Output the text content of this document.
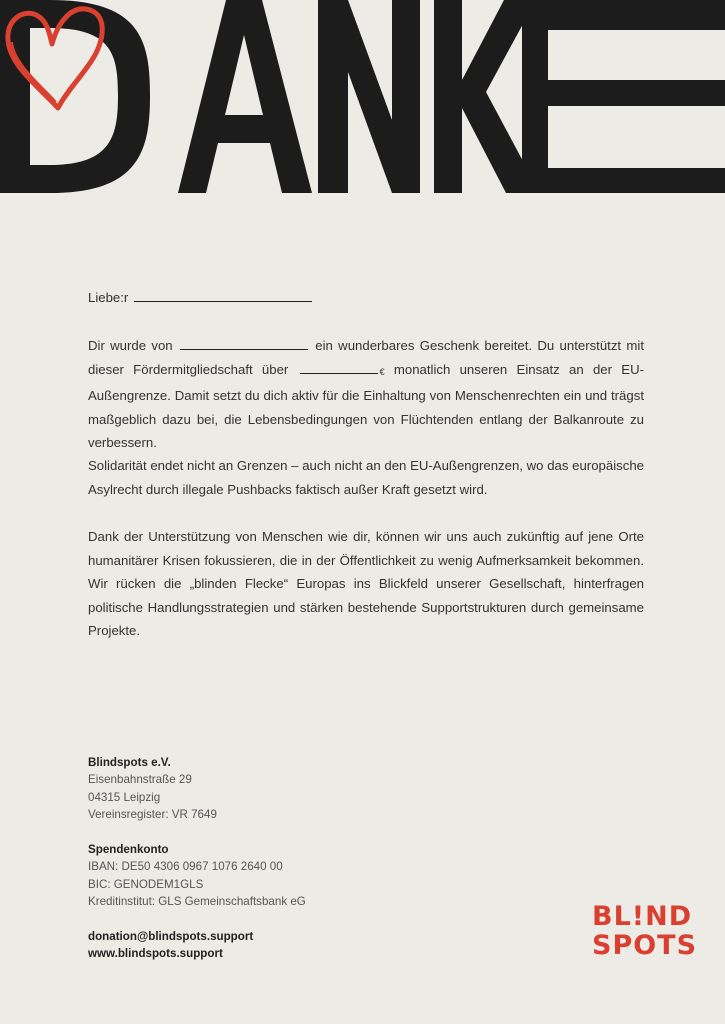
Liebe:r
Dir wurde von	ein wunderbares Geschenk bereitet. Du unterstützt mit dieser Fördermitgliedschaft über	€ monatlich unseren Einsatz an der EU-Außengrenze. Damit setzt du dich aktiv für die Einhaltung von Menschenrechten ein und trägst maßgeblich dazu bei, die Lebensbedingungen von Flüchtenden entlang der Balkanroute zu verbessern.
Solidarität endet nicht an Grenzen – auch nicht an den EU-Außengrenzen, wo das europäische Asylrecht durch illegale Pushbacks faktisch außer Kraft gesetzt wird.
Dank der Unterstützung von Menschen wie dir, können wir uns auch zukünftig auf jene Orte humanitärer Krisen fokussieren, die in der Öffentlichkeit zu wenig Aufmerksamkeit bekommen. Wir rücken die „blinden Flecke“ Europas ins Blickfeld unserer Gesellschaft, hinterfragen politische Handlungsstrategien und stärken bestehende Supportstrukturen durch gemeinsame Projekte.
Blindspots e.V.
Eisenbahnstraße 29
04315 Leipzig
Vereinsregister: VR 7649
Spendenkonto
IBAN: DE50 4306 0967 1076 2640 00
BIC: GENODEM1GLS
Kreditinstitut: GLS Gemeinschaftsbank eG
donation@blindspots.support
www.blindspots.support
BL!ND
SPOTS
